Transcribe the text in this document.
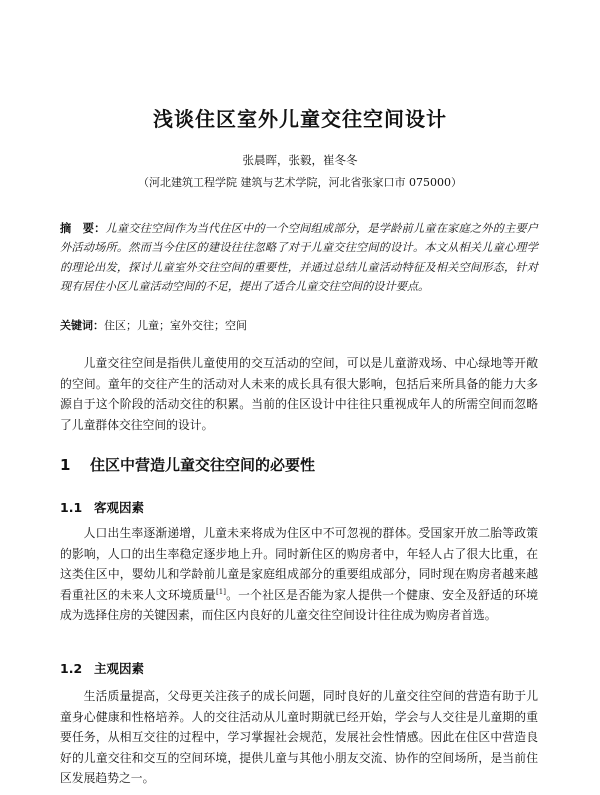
浅谈住区室外儿童交往空间设计
张晨晖，张毅，崔冬冬
（河北建筑工程学院 建筑与艺术学院，河北省张家口市 075000）
摘　要：儿童交往空间作为当代住区中的一个空间组成部分，是学龄前儿童在家庭之外的主要户外活动场所。然而当今住区的建设往往忽略了对于儿童交往空间的设计。本文从相关儿童心理学的理论出发，探讨儿童室外交往空间的重要性，并通过总结儿童活动特征及相关空间形态，针对现有居住小区儿童活动空间的不足，提出了适合儿童交往空间的设计要点。
关键词：住区；儿童；室外交往；空间
儿童交往空间是指供儿童使用的交互活动的空间，可以是儿童游戏场、中心绿地等开敞的空间。童年的交往产生的活动对人未来的成长具有很大影响，包括后来所具备的能力大多源自于这个阶段的活动交往的积累。当前的住区设计中往往只重视成年人的所需空间而忽略了儿童群体交往空间的设计。
1 住区中营造儿童交往空间的必要性
1.1 客观因素
人口出生率逐渐递增，儿童未来将成为住区中不可忽视的群体。受国家开放二胎等政策的影响，人口的出生率稳定逐步地上升。同时新住区的购房者中，年轻人占了很大比重，在这类住区中，婴幼儿和学龄前儿童是家庭组成部分的重要组成部分，同时现在购房者越来越看重社区的未来人文环境质量[1]。一个社区是否能为家人提供一个健康、安全及舒适的环境成为选择住房的关键因素，而住区内良好的儿童交往空间设计往往成为购房者首选。
1.2 主观因素
生活质量提高，父母更关注孩子的成长问题，同时良好的儿童交往空间的营造有助于儿童身心健康和性格培养。人的交往活动从儿童时期就已经开始，学会与人交往是儿童期的重要任务，从相互交往的过程中，学习掌握社会规范，发展社会性情感。因此在住区中营造良好的儿童交往和交互的空间环境，提供儿童与其他小朋友交流、协作的空间场所，是当前住区发展趋势之一。
